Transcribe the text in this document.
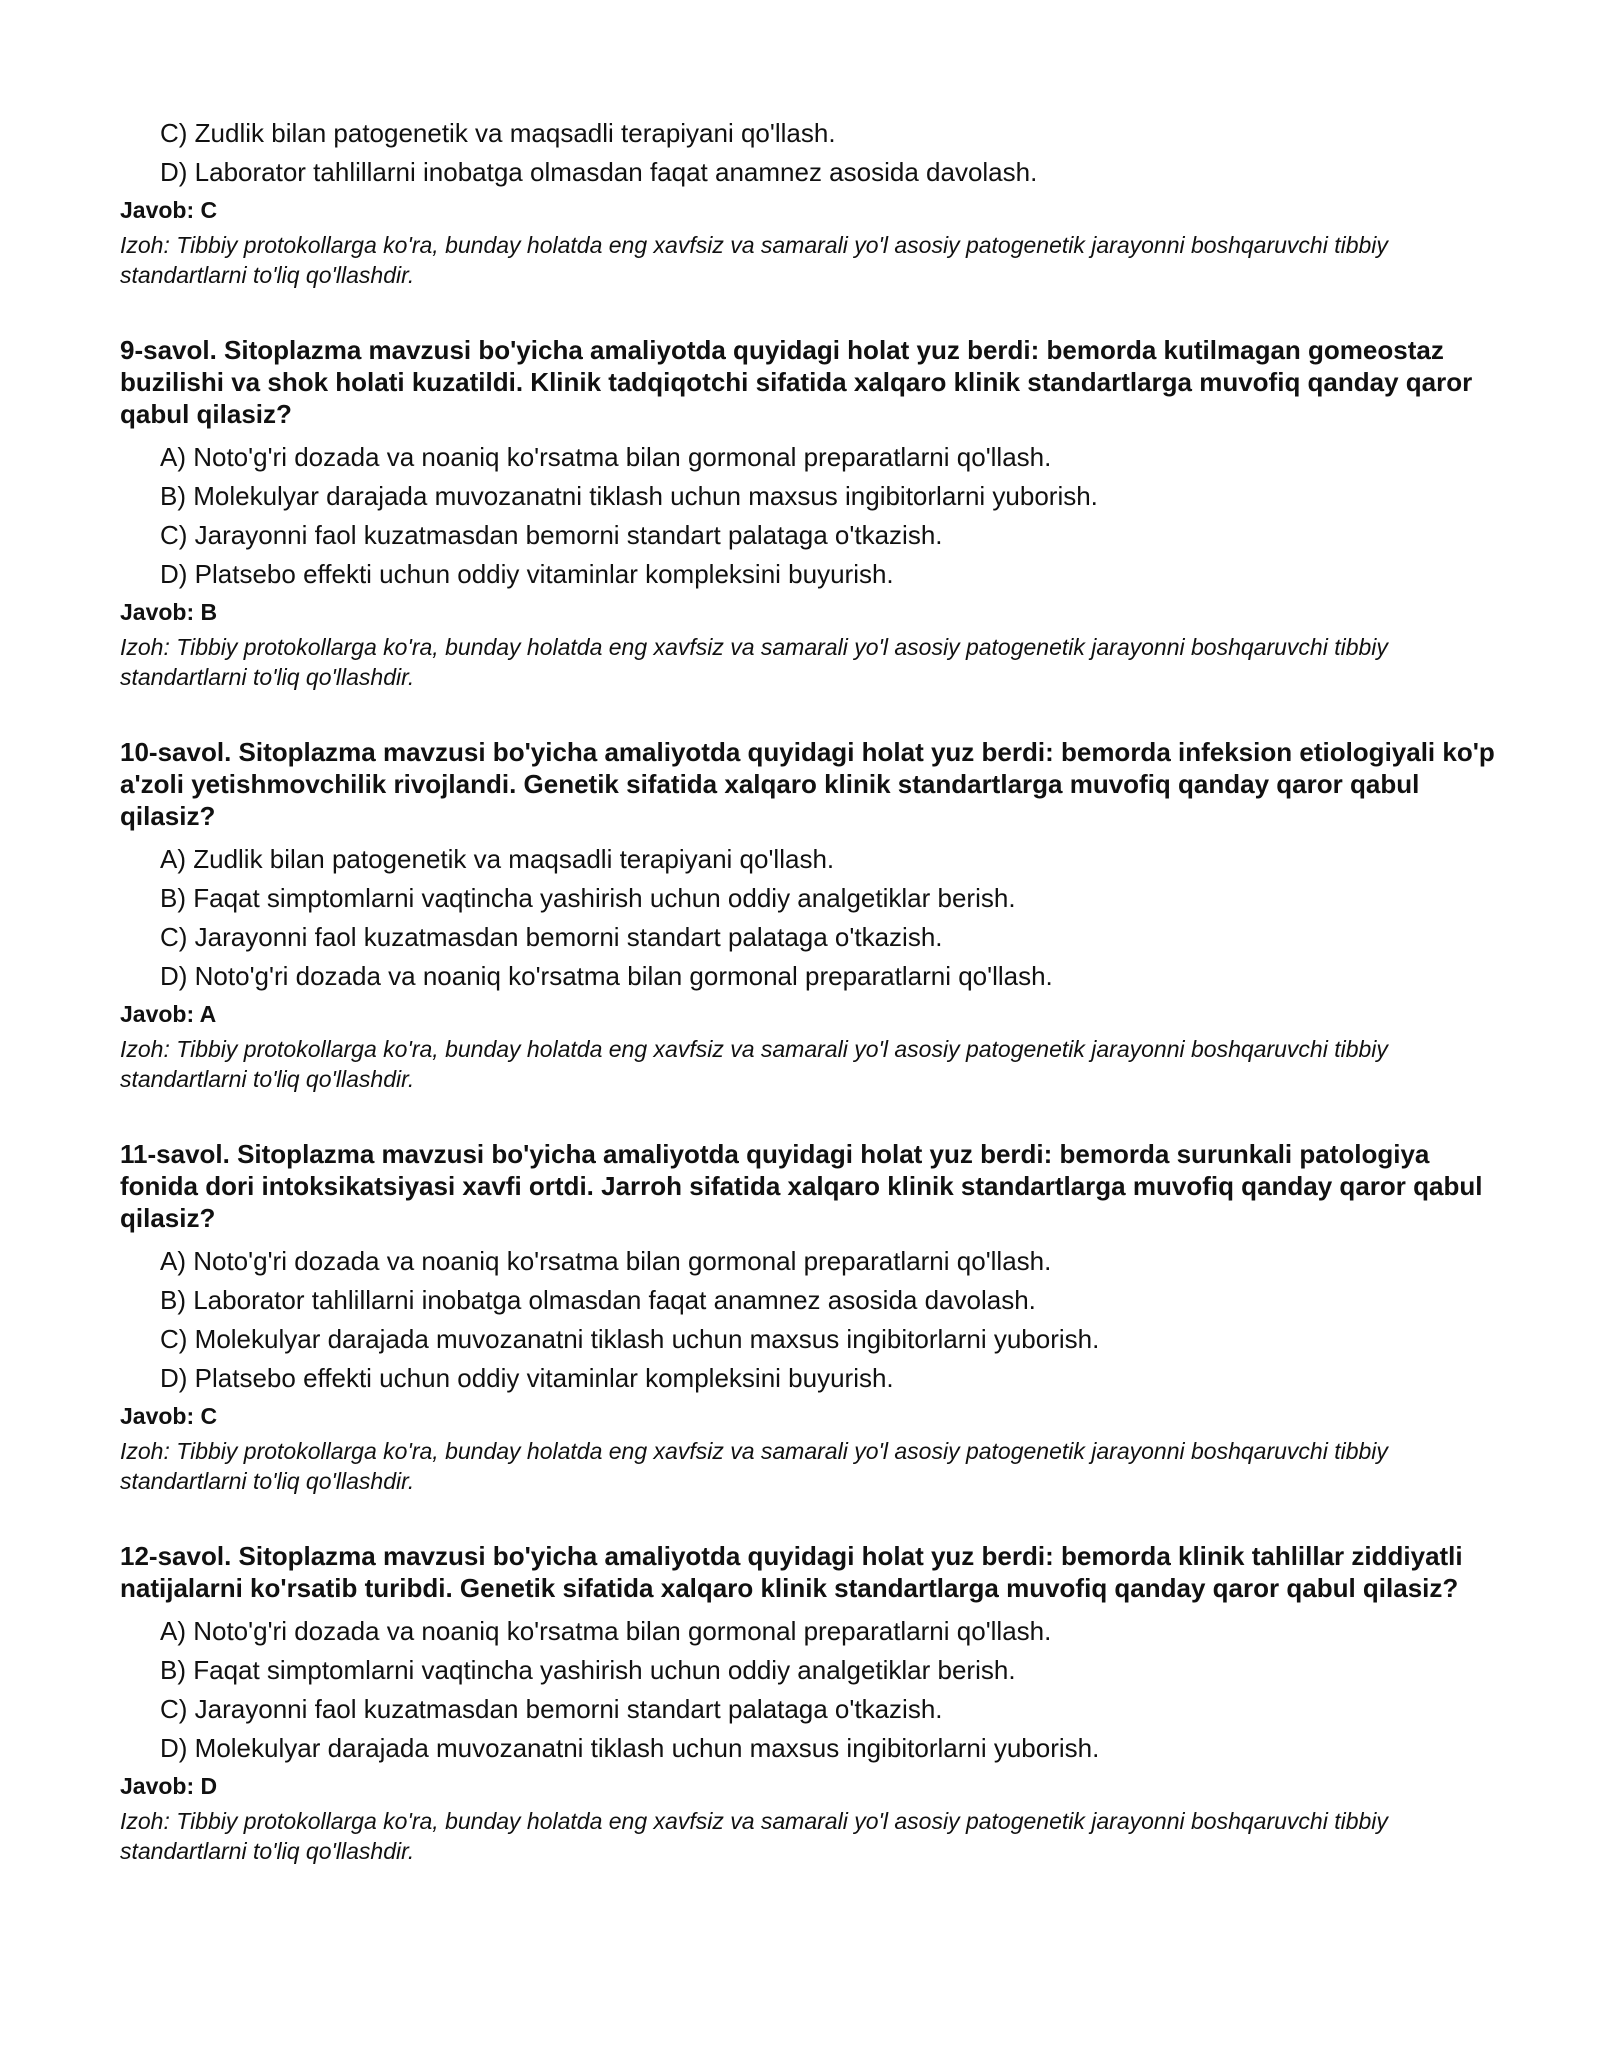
C) Zudlik bilan patogenetik va maqsadli terapiyani qo'llash.
D) Laborator tahlillarni inobatga olmasdan faqat anamnez asosida davolash.
Javob: C
Izoh: Tibbiy protokollarga ko'ra, bunday holatda eng xavfsiz va samarali yo'l asosiy patogenetik jarayonni boshqaruvchi tibbiy standartlarni to'liq qo'llashdir.
9-savol. Sitoplazma mavzusi bo'yicha amaliyotda quyidagi holat yuz berdi: bemorda kutilmagan gomeostaz buzilishi va shok holati kuzatildi. Klinik tadqiqotchi sifatida xalqaro klinik standartlarga muvofiq qanday qaror qabul qilasiz?
A) Noto'g'ri dozada va noaniq ko'rsatma bilan gormonal preparatlarni qo'llash.
B) Molekulyar darajada muvozanatni tiklash uchun maxsus ingibitorlarni yuborish.
C) Jarayonni faol kuzatmasdan bemorni standart palataga o'tkazish.
D) Platsebo effekti uchun oddiy vitaminlar kompleksini buyurish.
Javob: B
Izoh: Tibbiy protokollarga ko'ra, bunday holatda eng xavfsiz va samarali yo'l asosiy patogenetik jarayonni boshqaruvchi tibbiy standartlarni to'liq qo'llashdir.
10-savol. Sitoplazma mavzusi bo'yicha amaliyotda quyidagi holat yuz berdi: bemorda infeksion etiologiyali ko'p a'zoli yetishmovchilik rivojlandi. Genetik sifatida xalqaro klinik standartlarga muvofiq qanday qaror qabul qilasiz?
A) Zudlik bilan patogenetik va maqsadli terapiyani qo'llash.
B) Faqat simptomlarni vaqtincha yashirish uchun oddiy analgetiklar berish.
C) Jarayonni faol kuzatmasdan bemorni standart palataga o'tkazish.
D) Noto'g'ri dozada va noaniq ko'rsatma bilan gormonal preparatlarni qo'llash.
Javob: A
Izoh: Tibbiy protokollarga ko'ra, bunday holatda eng xavfsiz va samarali yo'l asosiy patogenetik jarayonni boshqaruvchi tibbiy standartlarni to'liq qo'llashdir.
11-savol. Sitoplazma mavzusi bo'yicha amaliyotda quyidagi holat yuz berdi: bemorda surunkali patologiya fonida dori intoksikatsiyasi xavfi ortdi. Jarroh sifatida xalqaro klinik standartlarga muvofiq qanday qaror qabul qilasiz?
A) Noto'g'ri dozada va noaniq ko'rsatma bilan gormonal preparatlarni qo'llash.
B) Laborator tahlillarni inobatga olmasdan faqat anamnez asosida davolash.
C) Molekulyar darajada muvozanatni tiklash uchun maxsus ingibitorlarni yuborish.
D) Platsebo effekti uchun oddiy vitaminlar kompleksini buyurish.
Javob: C
Izoh: Tibbiy protokollarga ko'ra, bunday holatda eng xavfsiz va samarali yo'l asosiy patogenetik jarayonni boshqaruvchi tibbiy standartlarni to'liq qo'llashdir.
12-savol. Sitoplazma mavzusi bo'yicha amaliyotda quyidagi holat yuz berdi: bemorda klinik tahlillar ziddiyatli natijalarni ko'rsatib turibdi. Genetik sifatida xalqaro klinik standartlarga muvofiq qanday qaror qabul qilasiz?
A) Noto'g'ri dozada va noaniq ko'rsatma bilan gormonal preparatlarni qo'llash.
B) Faqat simptomlarni vaqtincha yashirish uchun oddiy analgetiklar berish.
C) Jarayonni faol kuzatmasdan bemorni standart palataga o'tkazish.
D) Molekulyar darajada muvozanatni tiklash uchun maxsus ingibitorlarni yuborish.
Javob: D
Izoh: Tibbiy protokollarga ko'ra, bunday holatda eng xavfsiz va samarali yo'l asosiy patogenetik jarayonni boshqaruvchi tibbiy standartlarni to'liq qo'llashdir.
